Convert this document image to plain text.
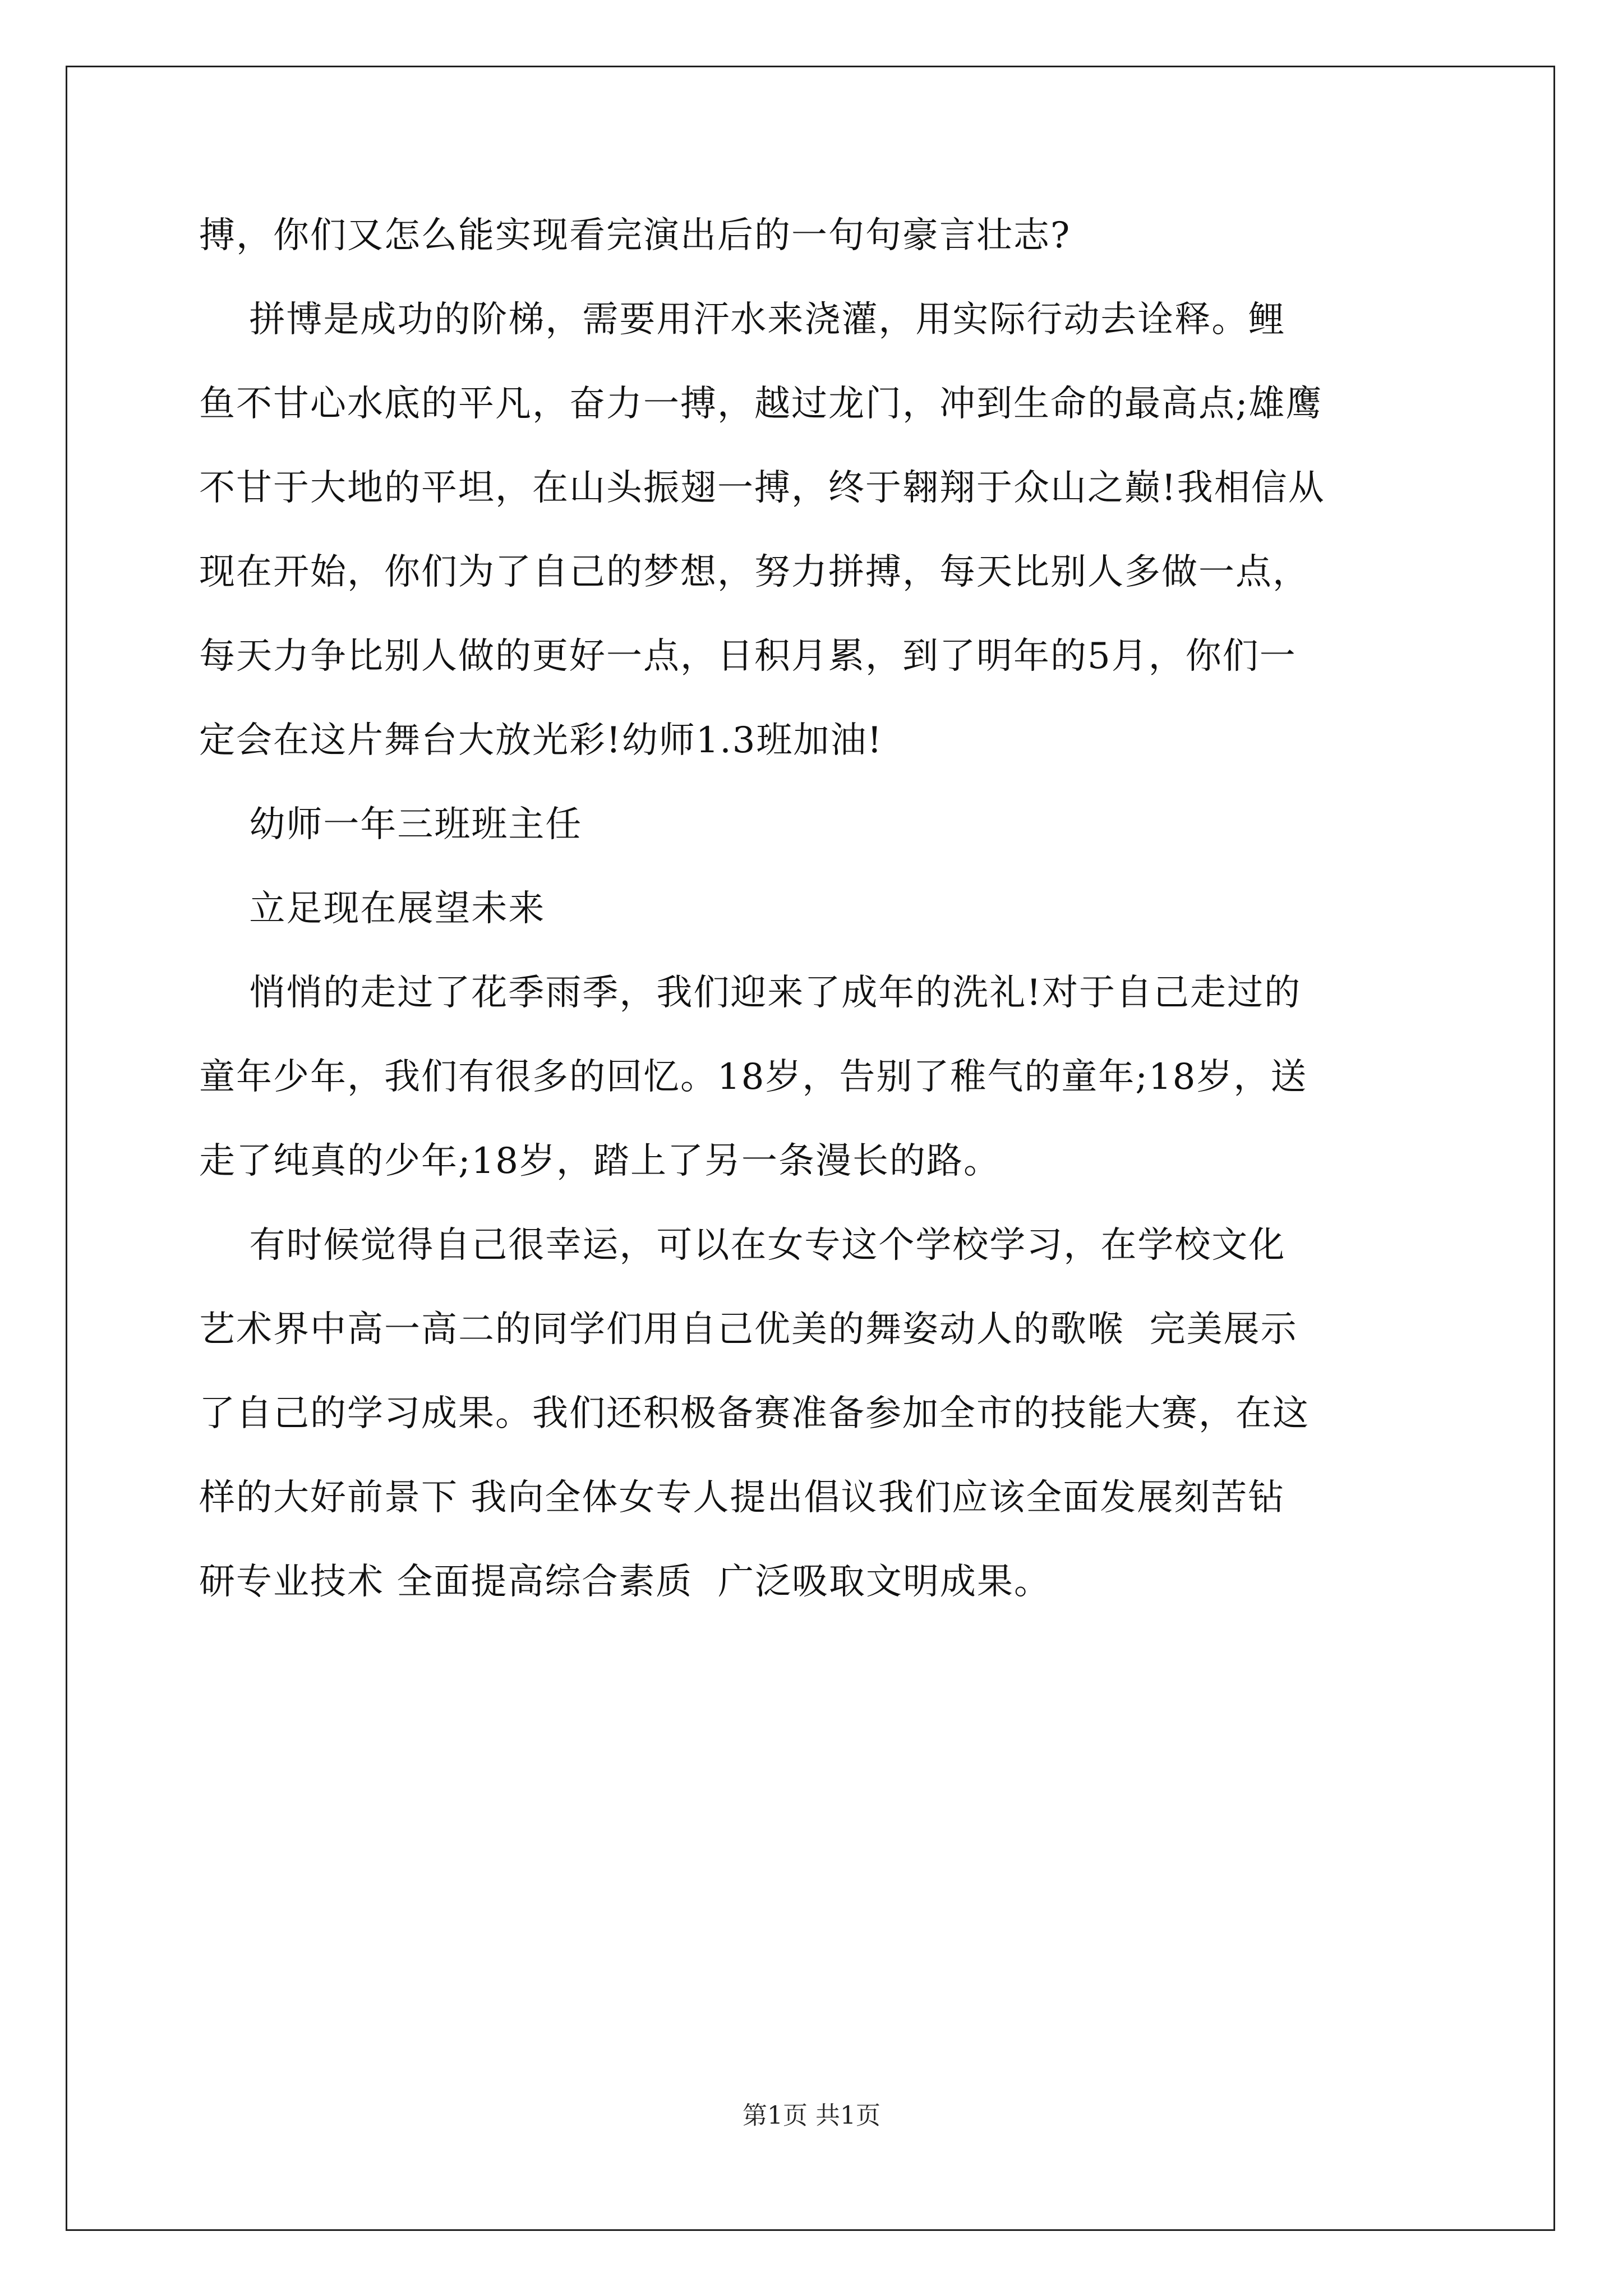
搏，你们又怎么能实现看完演出后的一句句豪言壮志?
拼博是成功的阶梯，需要用汗水来浇灌，用实际行动去诠释。鲤
鱼不甘心水底的平凡，奋力一搏，越过龙门，冲到生命的最高点;雄鹰
不甘于大地的平坦，在山头振翅一搏，终于翱翔于众山之巅!我相信从
现在开始，你们为了自己的梦想，努力拼搏，每天比别人多做一点，
每天力争比别人做的更好一点，日积月累，到了明年的5月，你们一
定会在这片舞台大放光彩!幼师1.3班加油!
幼师一年三班班主任
立足现在展望未来
悄悄的走过了花季雨季，我们迎来了成年的洗礼!对于自己走过的
童年少年，我们有很多的回忆。18岁，告别了稚气的童年;18岁，送
走了纯真的少年;18岁，踏上了另一条漫长的路。
有时候觉得自己很幸运，可以在女专这个学校学习，在学校文化
艺术界中高一高二的同学们用自己优美的舞姿动人的歌喉  完美展示
了自己的学习成果。我们还积极备赛准备参加全市的技能大赛，在这
样的大好前景下 我向全体女专人提出倡议我们应该全面发展刻苦钻
研专业技术 全面提高综合素质  广泛吸取文明成果。
第1页 共1页
